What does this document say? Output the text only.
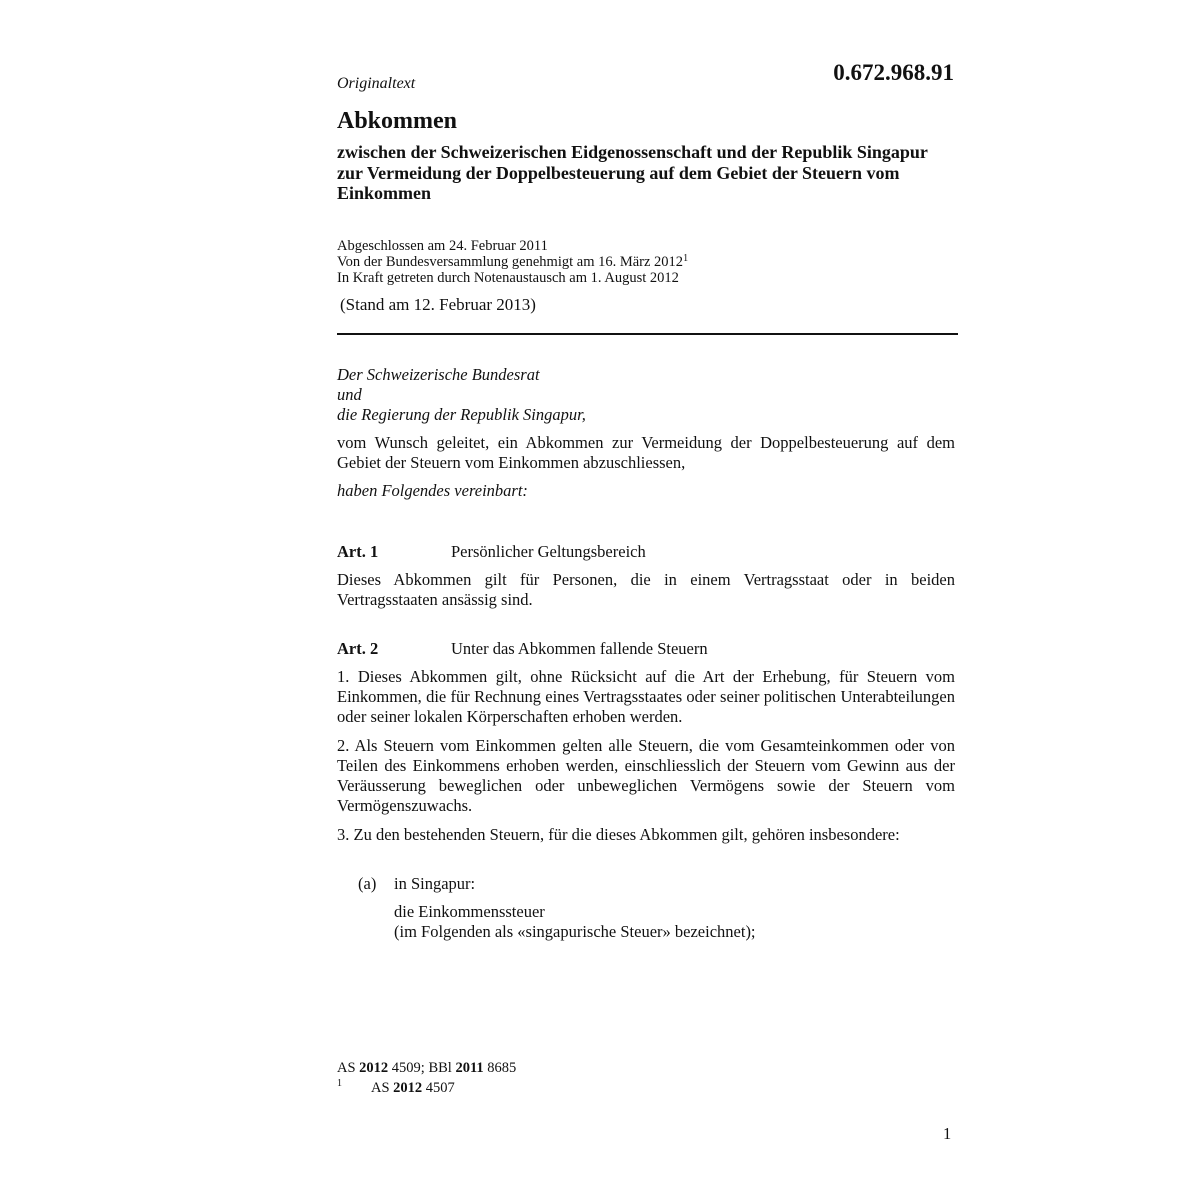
Originaltext	0.672.968.91
Abkommen
zwischen der Schweizerischen Eidgenossenschaft und der Republik Singapur zur Vermeidung der Doppelbesteuerung auf dem Gebiet der Steuern vom Einkommen
Abgeschlossen am 24. Februar 2011
Von der Bundesversammlung genehmigt am 16. März 2012$^1$
In Kraft getreten durch Notenaustausch am 1. August 2012
(Stand am 12. Februar 2013)
Der Schweizerische Bundesrat
und
die Regierung der Republik Singapur,
vom Wunsch geleitet, ein Abkommen zur Vermeidung der Doppelbesteuerung auf dem Gebiet der Steuern vom Einkommen abzuschliessen,
haben Folgendes vereinbart:
Art. 1	Persönlicher Geltungsbereich
Dieses Abkommen gilt für Personen, die in einem Vertragsstaat oder in beiden Vertragsstaaten ansässig sind.
Art. 2	Unter das Abkommen fallende Steuern
1. Dieses Abkommen gilt, ohne Rücksicht auf die Art der Erhebung, für Steuern vom Einkommen, die für Rechnung eines Vertragsstaates oder seiner politischen Unterabteilungen oder seiner lokalen Körperschaften erhoben werden.
2. Als Steuern vom Einkommen gelten alle Steuern, die vom Gesamteinkommen oder von Teilen des Einkommens erhoben werden, einschliesslich der Steuern vom Gewinn aus der Veräusserung beweglichen oder unbeweglichen Vermögens sowie der Steuern vom Vermögenszuwachs.
3. Zu den bestehenden Steuern, für die dieses Abkommen gilt, gehören insbesondere:
(a) in Singapur:
die Einkommenssteuer
(im Folgenden als «singapurische Steuer» bezeichnet);
AS 2012 4509; BBl 2011 8685
1 AS 2012 4507
1
